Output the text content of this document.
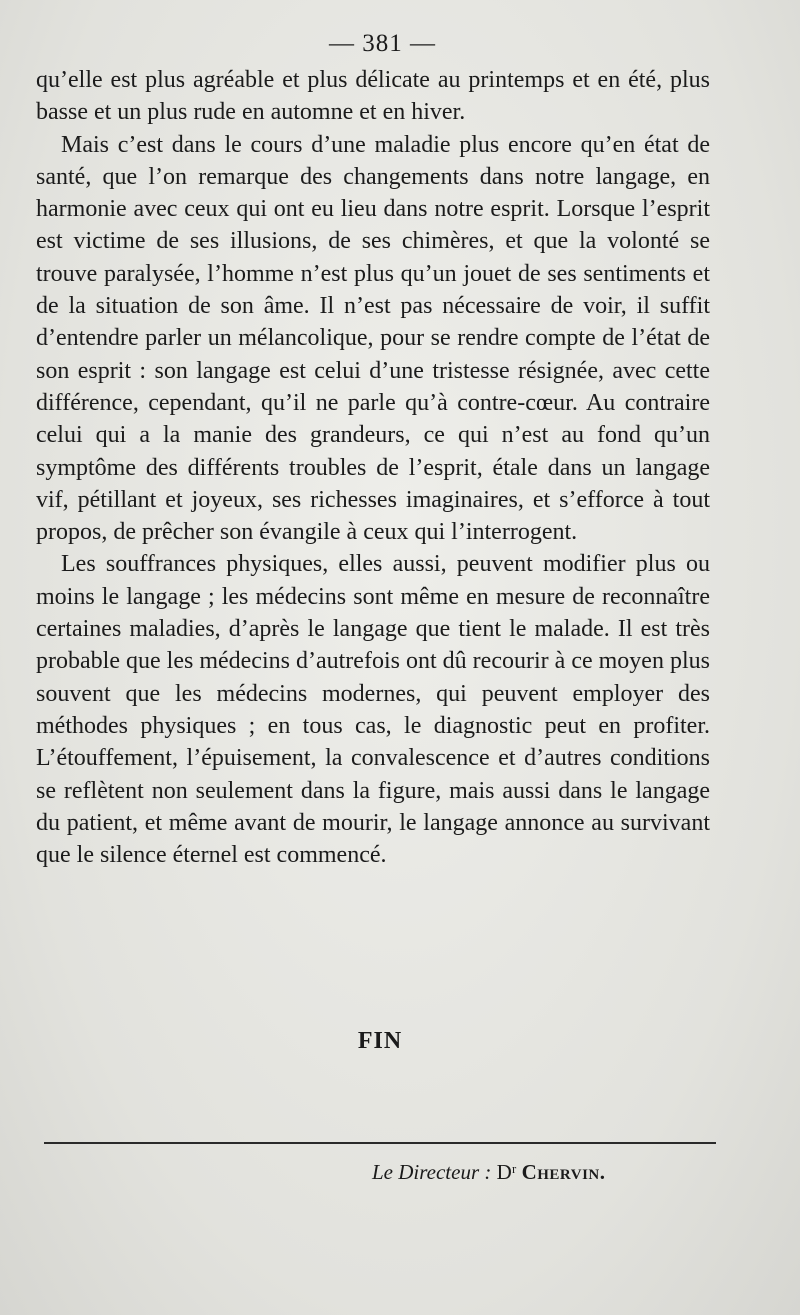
— 381 —

qu’elle est plus agréable et plus délicate au printemps et en été, plus basse et un plus rude en automne et en hiver.

Mais c’est dans le cours d’une maladie plus encore qu’en état de santé, que l’on remarque des changements dans notre langage, en harmonie avec ceux qui ont eu lieu dans notre esprit. Lorsque l’esprit est victime de ses illusions, de ses chimères, et que la volonté se trouve paralysée, l’homme n’est plus qu’un jouet de ses sentiments et de la situation de son âme. Il n’est pas nécessaire de voir, il suffit d’entendre parler un mélancolique, pour se rendre compte de l’état de son esprit : son langage est celui d’une tristesse résignée, avec cette différence, cependant, qu’il ne parle qu’à contre-cœur. Au contraire celui qui a la manie des grandeurs, ce qui n’est au fond qu’un symptôme des différents troubles de l’esprit, étale dans un langage vif, pétillant et joyeux, ses richesses imaginaires, et s’efforce à tout propos, de prêcher son évangile à ceux qui l’interrogent.

Les souffrances physiques, elles aussi, peuvent modifier plus ou moins le langage ; les médecins sont même en mesure de reconnaître certaines maladies, d’après le langage que tient le malade. Il est très probable que les médecins d’autrefois ont dû recourir à ce moyen plus souvent que les médecins modernes, qui peuvent employer des méthodes physiques ; en tous cas, le diagnostic peut en profiter. L’étouffement, l’épuisement, la convalescence et d’autres conditions se reflètent non seulement dans la figure, mais aussi dans le langage du patient, et même avant de mourir, le langage annonce au survivant que le silence éternel est commencé.

FIN
Le Directeur : Dʳ Chervin.
